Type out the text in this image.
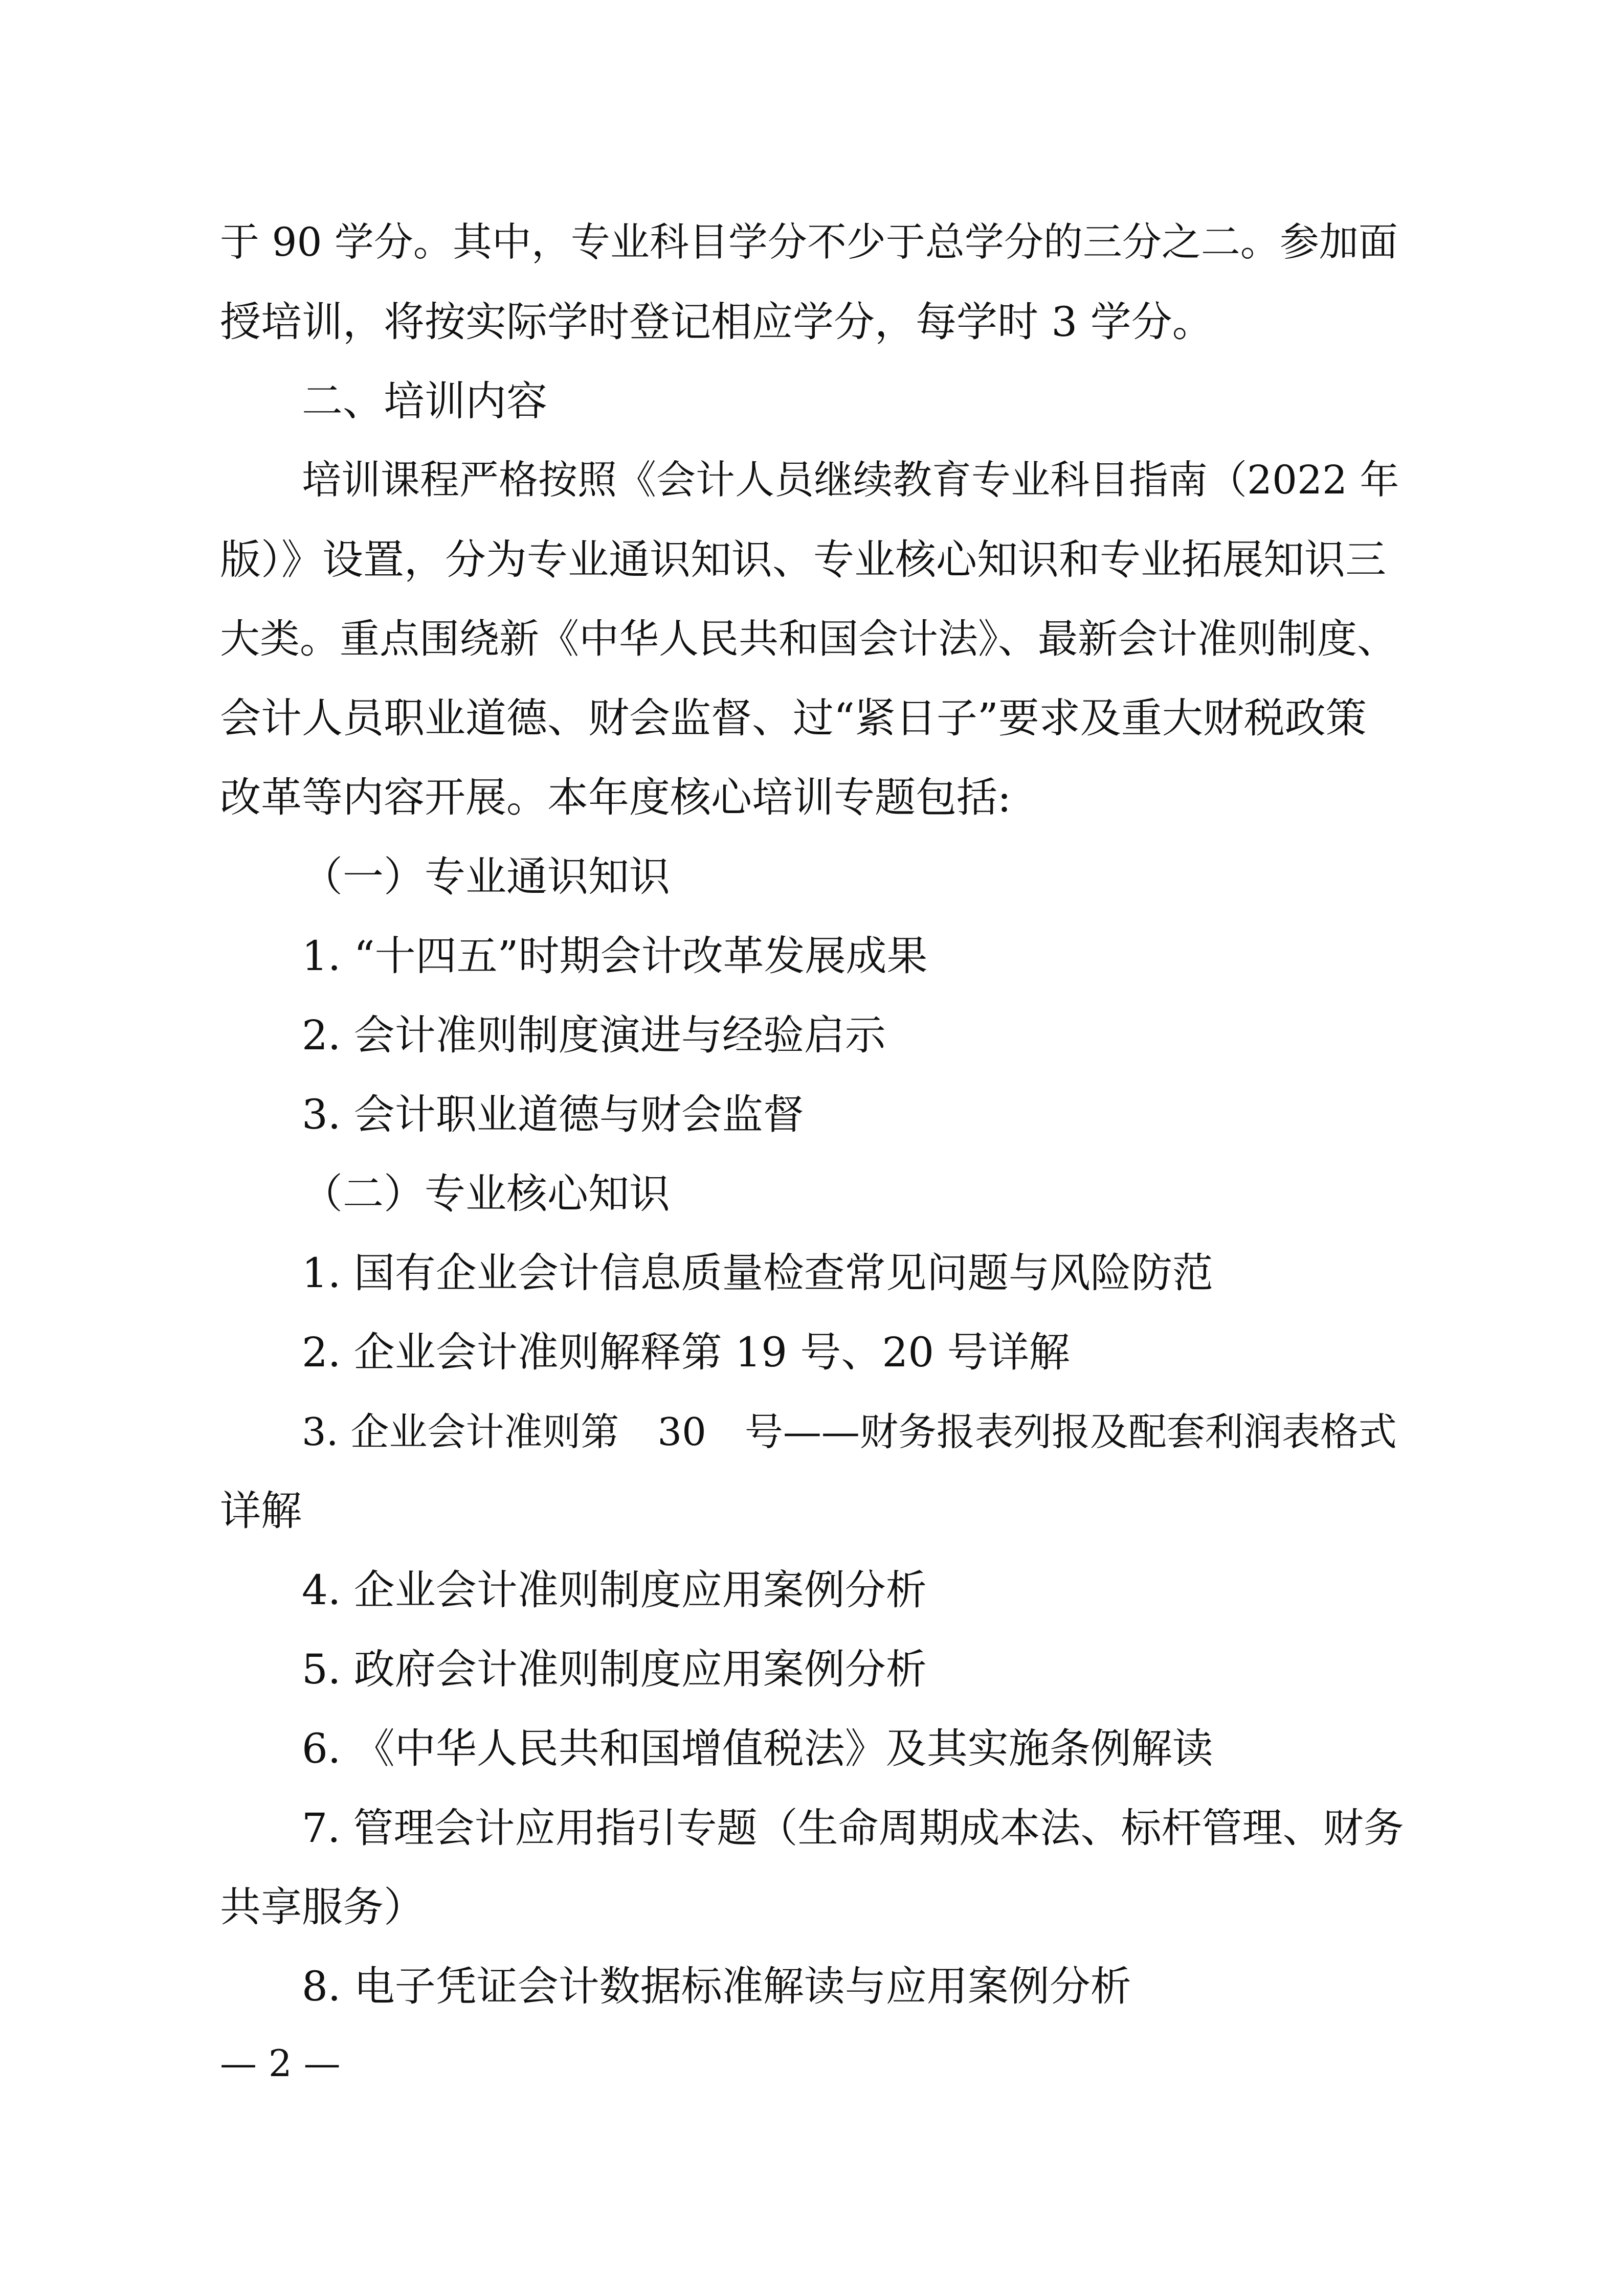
于 90 学分。其中，专业科目学分不少于总学分的三分之二。参加面

授培训，将按实际学时登记相应学分，每学时 3 学分。

二、培训内容

培训课程严格按照《会计人员继续教育专业科目指南（2022 年

版）》设置，分为专业通识知识、专业核心知识和专业拓展知识三

大类。重点围绕新《中华人民共和国会计法》、最新会计准则制度、

会计人员职业道德、财会监督、过“紧日子”要求及重大财税政策

改革等内容开展。本年度核心培训专题包括:

（一）专业通识知识

1. “十四五”时期会计改革发展成果

2. 会计准则制度演进与经验启示

3. 会计职业道德与财会监督

（二）专业核心知识

1. 国有企业会计信息质量检查常见问题与风险防范

2. 企业会计准则解释第 19 号、20 号详解

3. 企业会计准则第　30　号——财务报表列报及配套利润表格式

详解

4. 企业会计准则制度应用案例分析

5. 政府会计准则制度应用案例分析

6. 《中华人民共和国增值税法》及其实施条例解读

7. 管理会计应用指引专题（生命周期成本法、标杆管理、财务

共享服务）

8. 电子凭证会计数据标准解读与应用案例分析

— 2 —
